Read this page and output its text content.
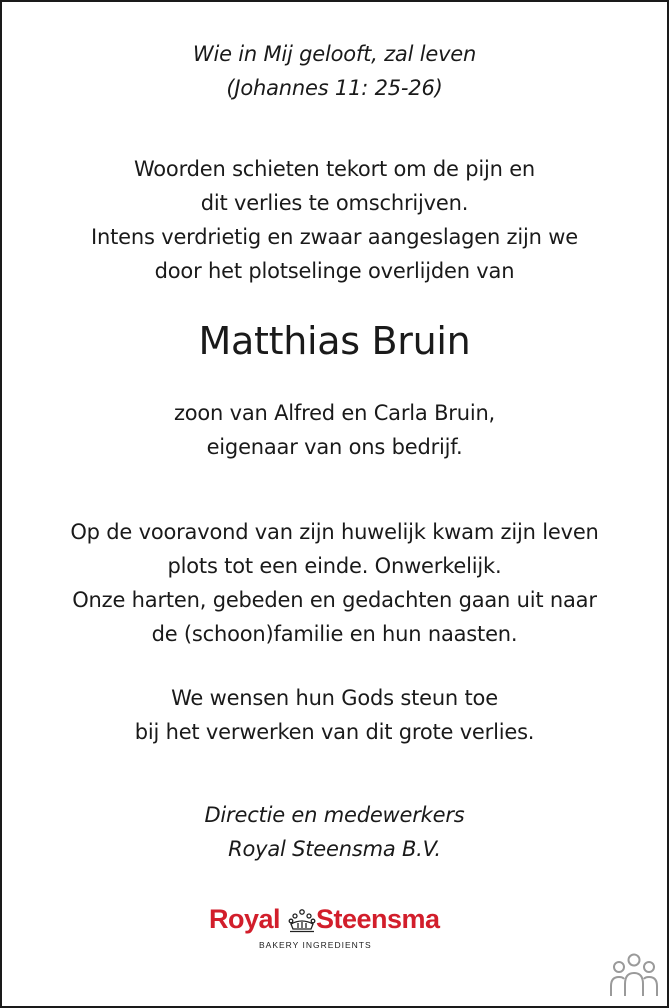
Wie in Mij gelooft, zal leven
(Johannes 11: 25-26)
Woorden schieten tekort om de pijn en
dit verlies te omschrijven.
Intens verdrietig en zwaar aangeslagen zijn we
door het plotselinge overlijden van
Matthias Bruin
zoon van Alfred en Carla Bruin,
eigenaar van ons bedrijf.
Op de vooravond van zijn huwelijk kwam zijn leven
plots tot een einde. Onwerkelijk.
Onze harten, gebeden en gedachten gaan uit naar
de (schoon)familie en hun naasten.
We wensen hun Gods steun toe
bij het verwerken van dit grote verlies.
Directie en medewerkers
Royal Steensma B.V.
Royal Steensma
BAKERY INGREDIENTS
